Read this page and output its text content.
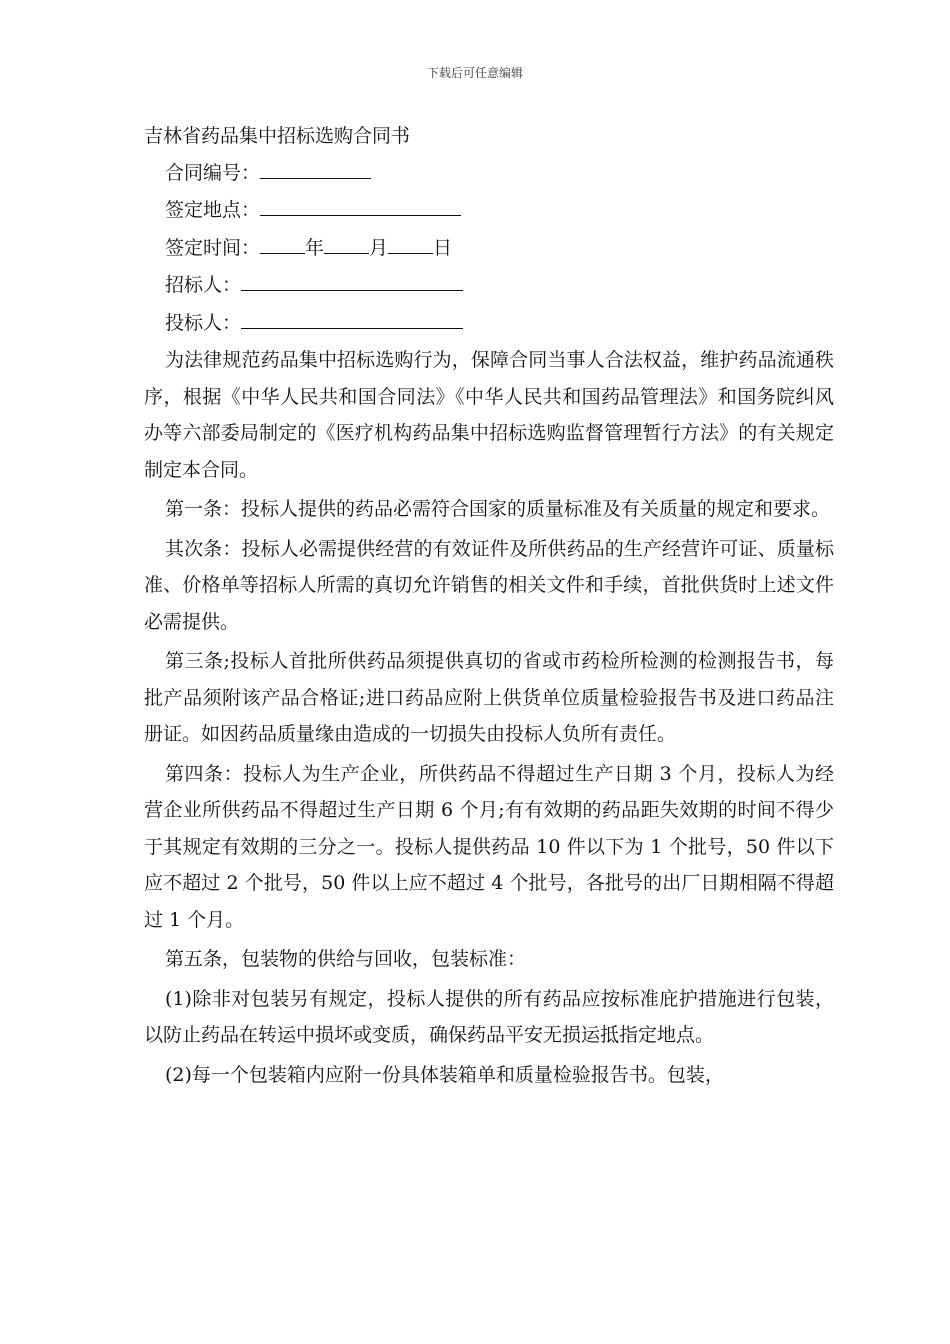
下载后可任意编辑
吉林省药品集中招标选购合同书
合同编号：
签定地点：
签定时间： 年 月 日
招标人：
投标人：

为法律规范药品集中招标选购行为，保障合同当事人合法权益，维护药品流通秩序，根据《中华人民共和国合同法》《中华人民共和国药品管理法》和国务院纠风办等六部委局制定的《医疗机构药品集中招标选购监督管理暂行方法》的有关规定制定本合同。

第一条：投标人提供的药品必需符合国家的质量标准及有关质量的规定和要求。

其次条：投标人必需提供经营的有效证件及所供药品的生产经营许可证、质量标准、价格单等招标人所需的真切允许销售的相关文件和手续，首批供货时上述文件必需提供。

第三条;投标人首批所供药品须提供真切的省或市药检所检测的检测报告书，每批产品须附该产品合格证;进口药品应附上供货单位质量检验报告书及进口药品注册证。如因药品质量缘由造成的一切损失由投标人负所有责任。

第四条：投标人为生产企业，所供药品不得超过生产日期 3 个月，投标人为经营企业所供药品不得超过生产日期 6 个月;有有效期的药品距失效期的时间不得少于其规定有效期的三分之一。投标人提供药品 10 件以下为 1 个批号，50 件以下应不超过 2 个批号，50 件以上应不超过 4 个批号，各批号的出厂日期相隔不得超过 1 个月。

第五条，包装物的供给与回收，包装标准：

(1)除非对包装另有规定，投标人提供的所有药品应按标准庇护措施进行包装，以防止药品在转运中损坏或变质，确保药品平安无损运抵指定地点。

(2)每一个包装箱内应附一份具体装箱单和质量检验报告书。包装，
